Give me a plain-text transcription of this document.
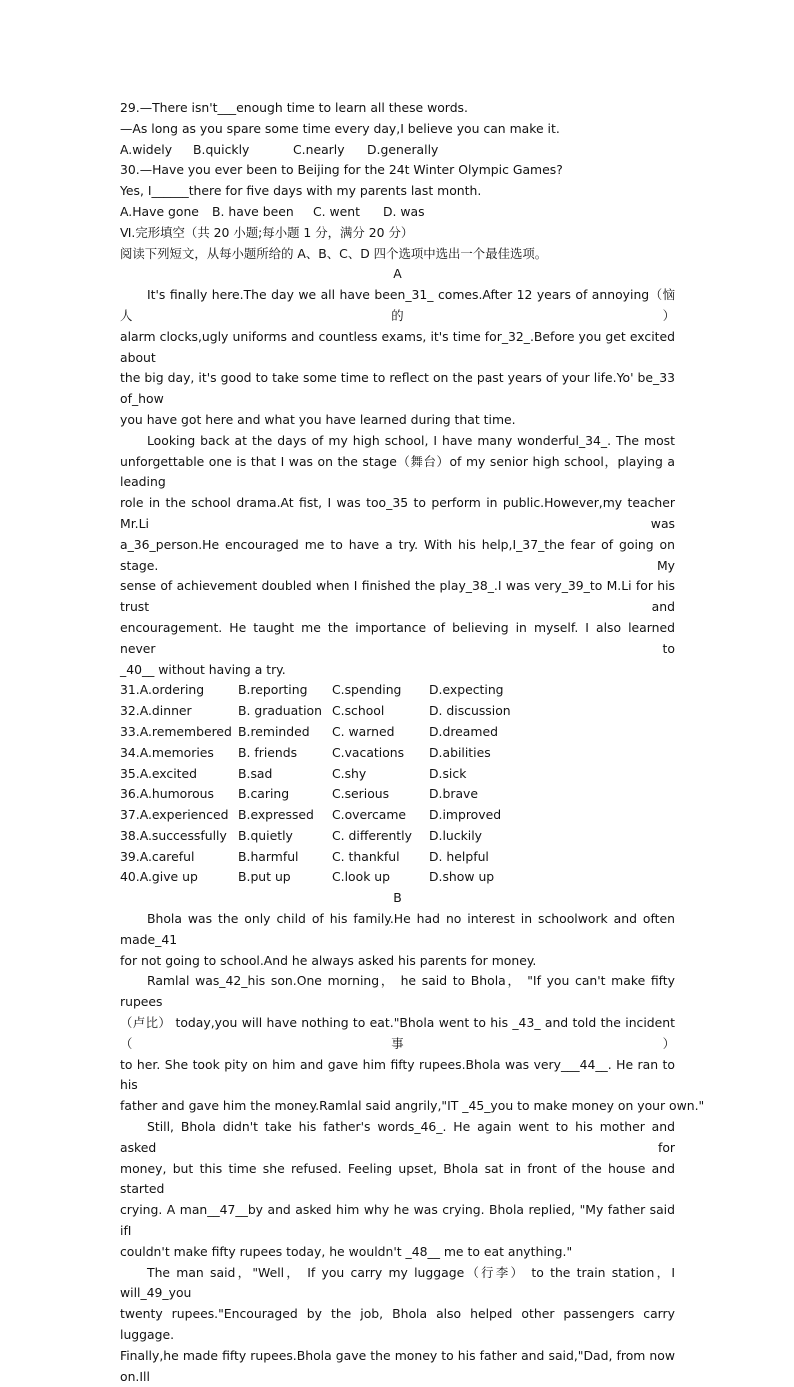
29.—There isn't___enough time to learn all these words.
—As long as you spare some time every day,I believe you can make it.
A.widely	B.quickly	C.nearly	D.generally
30.—Have you ever been to Beijing for the 24t Winter Olympic Games?
Yes, I______there for five days with my parents last month.
A.Have gone	B. have been	C. went	D. was
Ⅵ.完形填空（共 20 小题;每小题 1 分，满分 20 分）
阅读下列短文，从每小题所给的 A、B、C、D 四个选项中选出一个最佳选项。
A
It's finally here.The day we all have been_31_ comes.After 12 years of annoying（恼人的）
alarm clocks,ugly uniforms and countless exams, it's time for_32_.Before you get excited about
the big day, it's good to take some time to reflect on the past years of your life.Yo' be_33 of_how
you have got here and what you have learned during that time.
Looking back at the days of my high school, I have many wonderful_34_. The most
unforgettable one is that I was on the stage（舞台）of my senior high school，playing a leading
role in the school drama.At fist, I was too_35 to perform in public.However,my teacher Mr.Li was
a_36_person.He encouraged me to have a try. With his help,I_37_the fear of going on stage. My
sense of achievement doubled when I finished the play_38_.I was very_39_to M.Li for his trust and
encouragement. He taught me the importance of believing in myself. I also learned never to
_40__ without having a try.
31.A.ordering	B.reporting	C.spending	D.expecting
32.A.dinner	B. graduation C.school	D. discussion
33.A.remembered B.reminded	C. warned	D.dreamed
34.A.memories	B. friends	C.vacations	D.abilities
35.A.excited	B.sad	C.shy	D.sick
36.A.humorous	B.caring	C.serious	D.brave
37.A.experienced B.expressed	C.overcame	D.improved
38.A.successfully B.quietly	C. differently	D.luckily
39.A.careful	B.harmful	C. thankful	D. helpful
40.A.give up	B.put up	C.look up	D.show up
B
Bhola was the only child of his family.He had no interest in schoolwork and often made_41
for not going to school.And he always asked his parents for money.
Ramlal was_42_his son.One morning， he said to Bhola， "If you can't make fifty rupees
（卢比） today,you will have nothing to eat."Bhola went to his _43_ and told the incident（事）
to her. She took pity on him and gave him fifty rupees.Bhola was very___44__. He ran to his
father and gave him the money.Ramlal said angrily,"IT _45_you to make money on your own."
Still, Bhola didn't take his father's words_46_. He again went to his mother and asked for
money, but this time she refused. Feeling upset, Bhola sat in front of the house and started
crying. A man__47__by and asked him why he was crying. Bhola replied, "My father said ifI
couldn't make fifty rupees today, he wouldn't _48__ me to eat anything."
The man said，"Well， If you carry my luggage（行李） to the train station，I will_49_you
twenty rupees."Encouraged by the job, Bhola also helped other passengers carry luggage.
Finally,he made fifty rupees.Bhola gave the money to his father and said,"Dad, from now on.Ill
